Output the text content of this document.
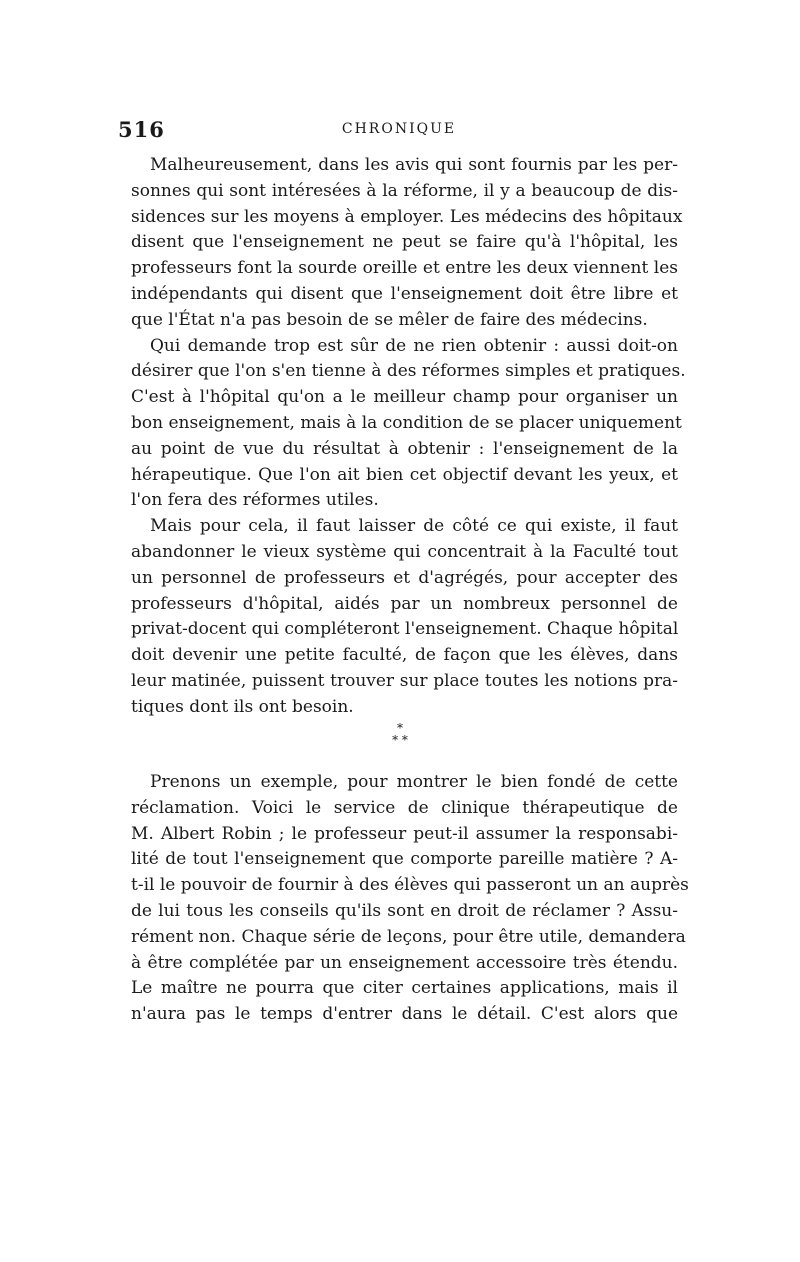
516	CHRONIQUE
Malheureusement, dans les avis qui sont fournis par les per-
sonnes qui sont intéresées à la réforme, il y a beaucoup de dis-
sidences sur les moyens à employer. Les médecins des hôpitaux
disent que l'enseignement ne peut se faire qu'à l'hôpital, les
professeurs font la sourde oreille et entre les deux viennent les
indépendants qui disent que l'enseignement doit être libre et
que l'État n'a pas besoin de se mêler de faire des médecins.
Qui demande trop est sûr de ne rien obtenir : aussi doit-on
désirer que l'on s'en tienne à des réformes simples et pratiques.
C'est à l'hôpital qu'on a le meilleur champ pour organiser un
bon enseignement, mais à la condition de se placer uniquement
au point de vue du résultat à obtenir : l'enseignement de la
hérapeutique. Que l'on ait bien cet objectif devant les yeux, et
l'on fera des réformes utiles.
Mais pour cela, il faut laisser de côté ce qui existe, il faut
abandonner le vieux système qui concentrait à la Faculté tout
un personnel de professeurs et d'agrégés, pour accepter des
professeurs d'hôpital, aidés par un nombreux personnel de
privat-docent qui compléteront l'enseignement. Chaque hôpital
doit devenir une petite faculté, de façon que les élèves, dans
leur matinée, puissent trouver sur place toutes les notions pra-
tiques dont ils ont besoin.
*
* *
Prenons un exemple, pour montrer le bien fondé de cette
réclamation. Voici le service de clinique thérapeutique de
M. Albert Robin ; le professeur peut-il assumer la responsabi-
lité de tout l'enseignement que comporte pareille matière ? A-
t-il le pouvoir de fournir à des élèves qui passeront un an auprès
de lui tous les conseils qu'ils sont en droit de réclamer ? Assu-
rément non. Chaque série de leçons, pour être utile, demandera
à être complétée par un enseignement accessoire très étendu.
Le maître ne pourra que citer certaines applications, mais il
n'aura pas le temps d'entrer dans le détail. C'est alors que
